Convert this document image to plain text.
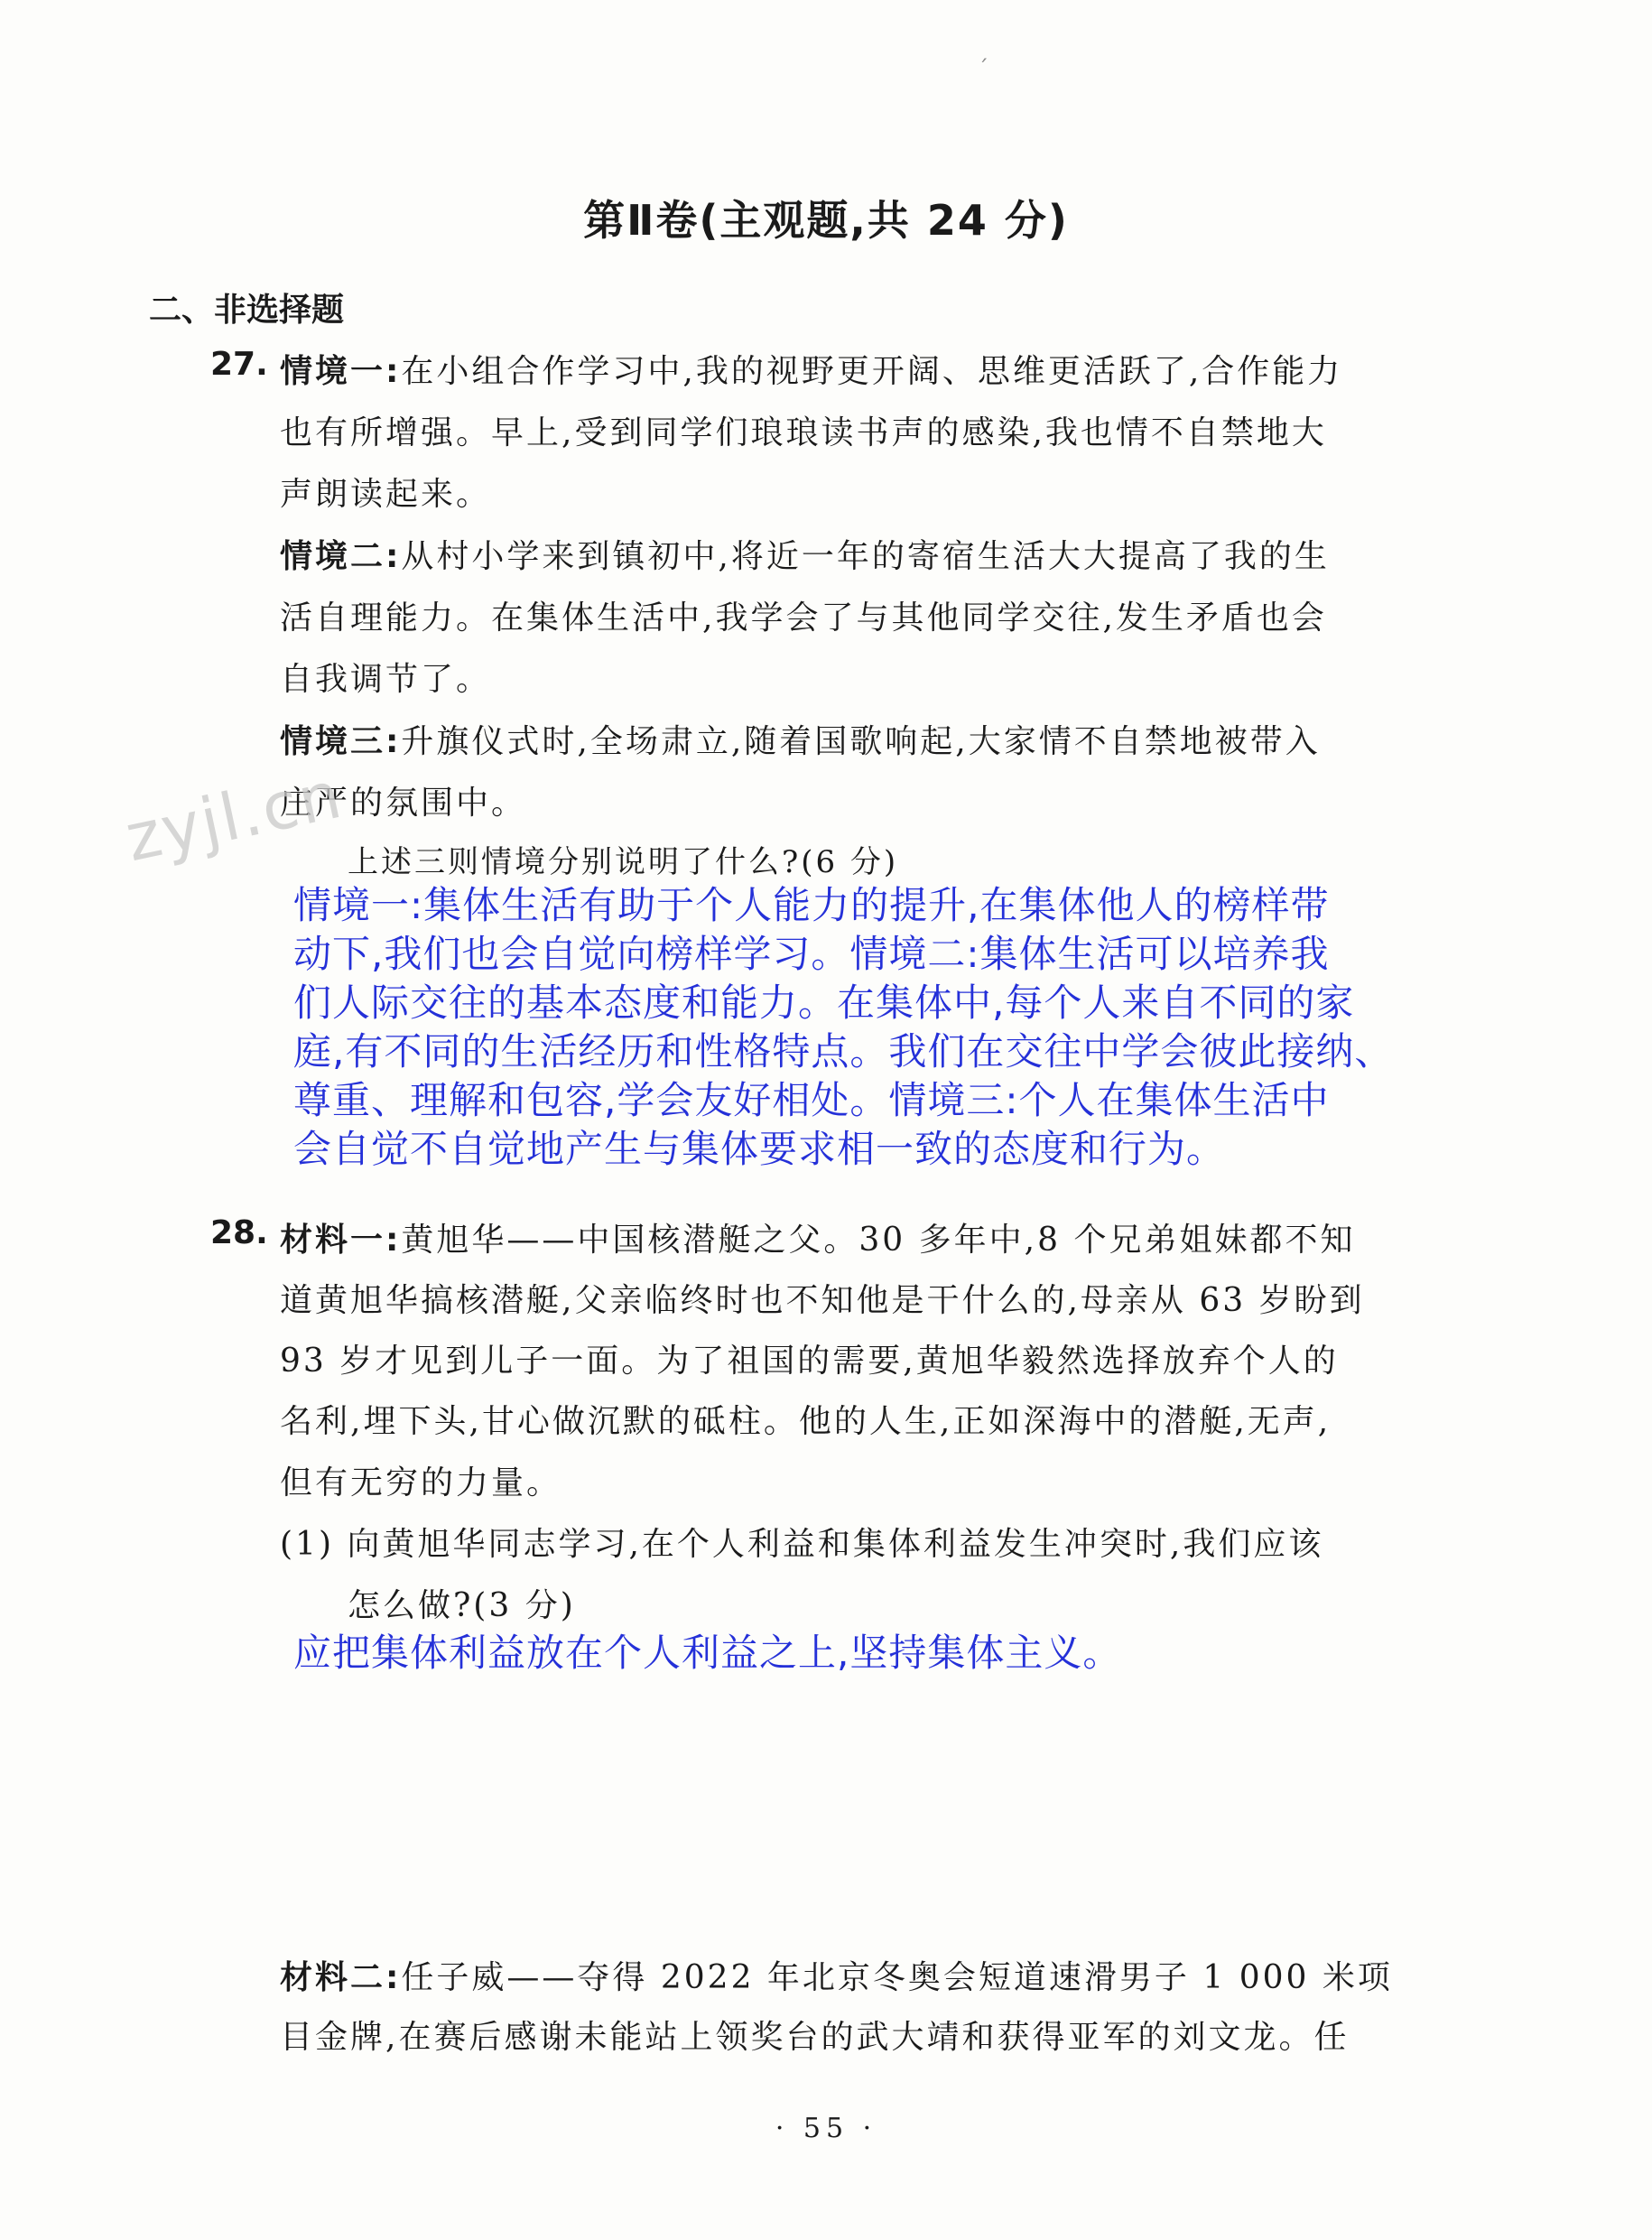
ˊ
第Ⅱ卷(主观题,共 24 分)
二、非选择题
27. 情境一:在小组合作学习中,我的视野更开阔、思维更活跃了,合作能力
也有所增强。早上,受到同学们琅琅读书声的感染,我也情不自禁地大
声朗读起来。
情境二:从村小学来到镇初中,将近一年的寄宿生活大大提高了我的生
活自理能力。在集体生活中,我学会了与其他同学交往,发生矛盾也会
自我调节了。
情境三:升旗仪式时,全场肃立,随着国歌响起,大家情不自禁地被带入
庄严的氛围中。
zyjl.cn
上述三则情境分别说明了什么?(6 分)
情境一:集体生活有助于个人能力的提升,在集体他人的榜样带
动下,我们也会自觉向榜样学习。情境二:集体生活可以培养我
们人际交往的基本态度和能力。在集体中,每个人来自不同的家
庭,有不同的生活经历和性格特点。我们在交往中学会彼此接纳、
尊重、理解和包容,学会友好相处。情境三:个人在集体生活中
会自觉不自觉地产生与集体要求相一致的态度和行为。
28. 材料一:黄旭华——中国核潜艇之父。30 多年中,8 个兄弟姐妹都不知
道黄旭华搞核潜艇,父亲临终时也不知他是干什么的,母亲从 63 岁盼到
93 岁才见到儿子一面。为了祖国的需要,黄旭华毅然选择放弃个人的
名利,埋下头,甘心做沉默的砥柱。他的人生,正如深海中的潜艇,无声,
但有无穷的力量。
(1) 向黄旭华同志学习,在个人利益和集体利益发生冲突时,我们应该
怎么做?(3 分)
应把集体利益放在个人利益之上,坚持集体主义。
材料二:任子威——夺得 2022 年北京冬奥会短道速滑男子 1 000 米项
目金牌,在赛后感谢未能站上领奖台的武大靖和获得亚军的刘文龙。任
· 55 ·
